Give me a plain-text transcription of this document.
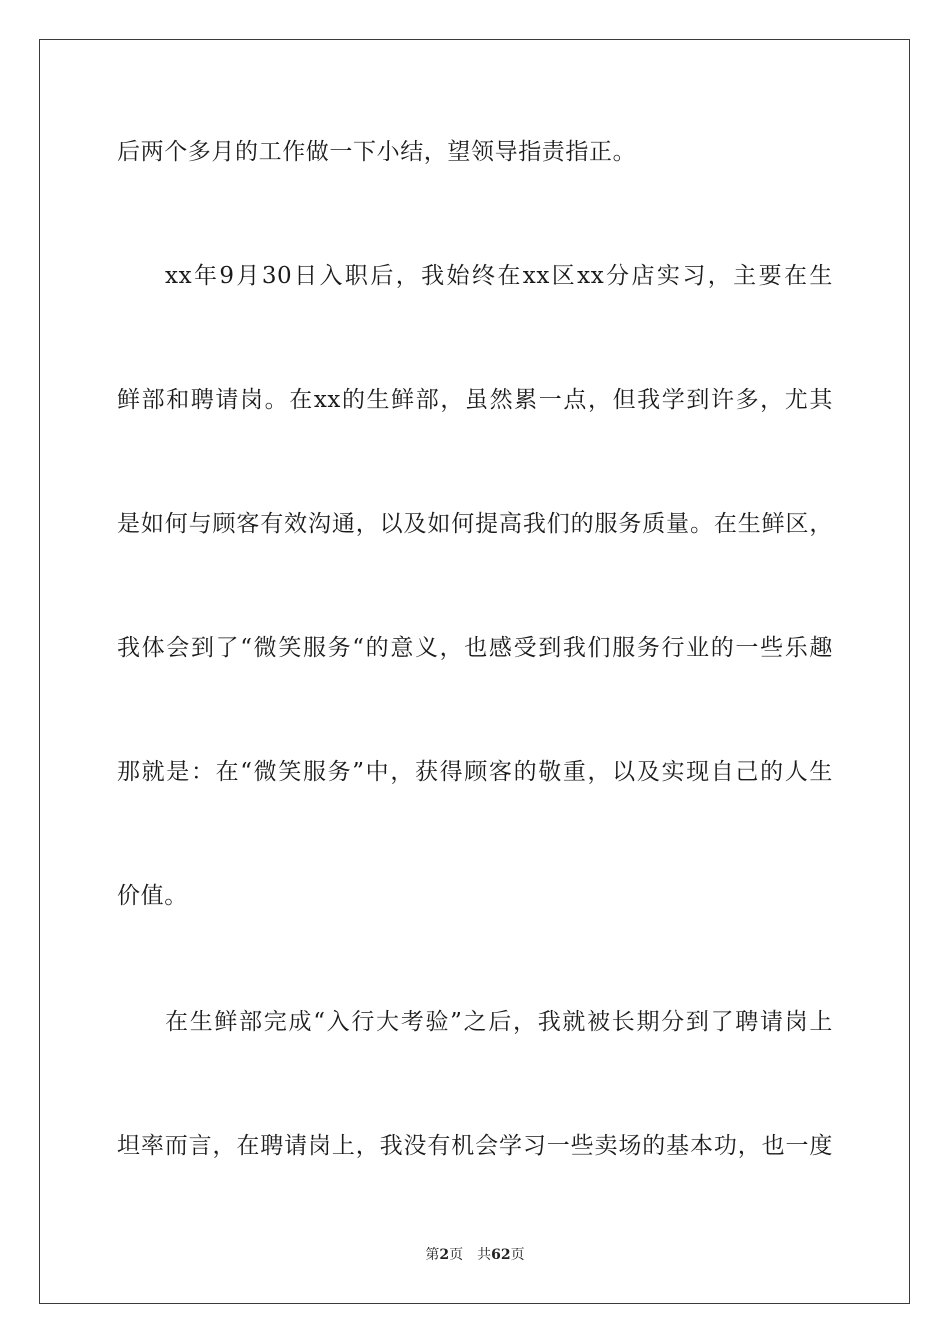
后两个多月的工作做一下小结，望领导指责指正。
xx年9月30日入职后，我始终在xx区xx分店实习，主要在生
鲜部和聘请岗。在xx的生鲜部，虽然累一点，但我学到许多，尤其
是如何与顾客有效沟通，以及如何提高我们的服务质量。在生鲜区，
我体会到了“微笑服务“的意义，也感受到我们服务行业的一些乐趣
那就是：在“微笑服务”中，获得顾客的敬重，以及实现自己的人生
价值。
在生鲜部完成“入行大考验”之后，我就被长期分到了聘请岗上
坦率而言，在聘请岗上，我没有机会学习一些卖场的基本功，也一度
第2页 共62页
